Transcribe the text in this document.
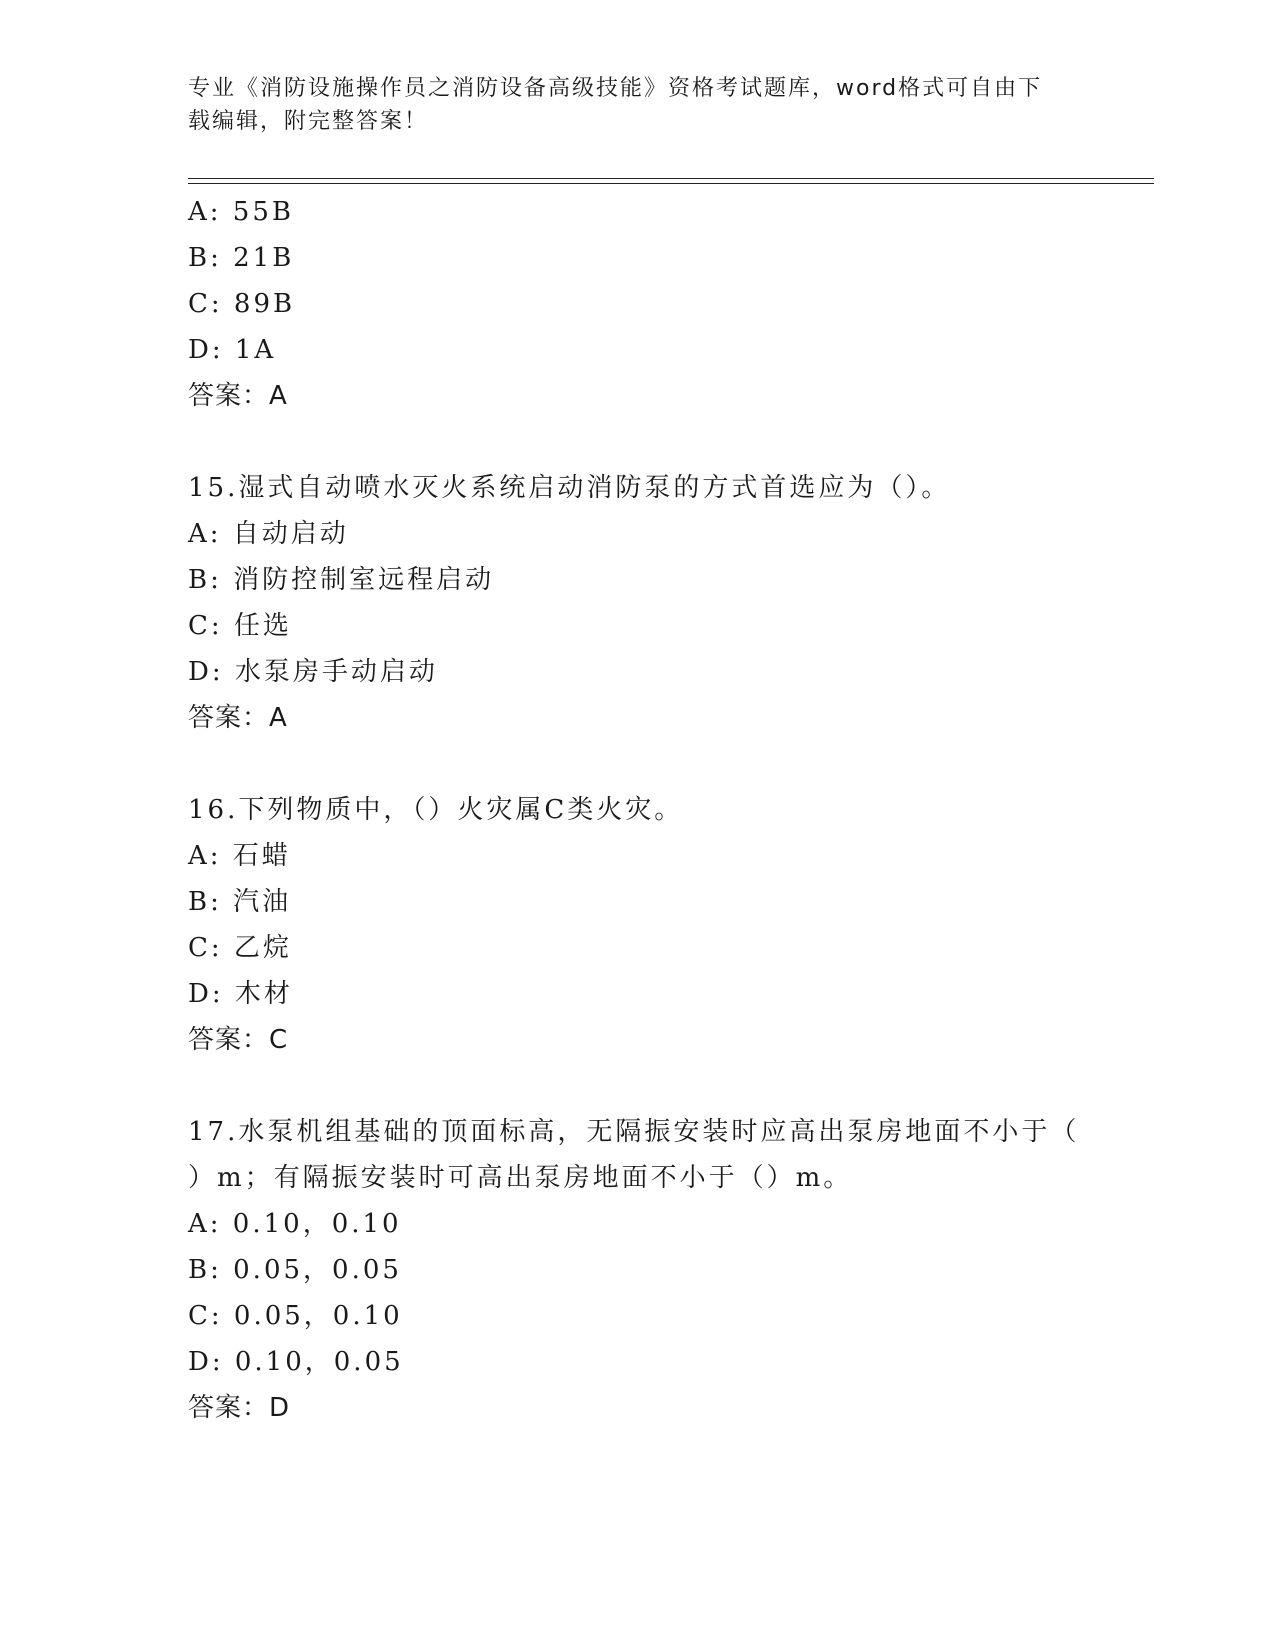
专业《消防设施操作员之消防设备高级技能》资格考试题库，word格式可自由下
载编辑，附完整答案！
A: 55B
B: 21B
C: 89B
D: 1A
答案：A
15.湿式自动喷水灭火系统启动消防泵的方式首选应为（）。
A: 自动启动
B: 消防控制室远程启动
C: 任选
D: 水泵房手动启动
答案：A
16.下列物质中，（）火灾属C类火灾。
A: 石蜡
B: 汽油
C: 乙烷
D: 木材
答案：C
17.水泵机组基础的顶面标高，无隔振安装时应高出泵房地面不小于（
）m；有隔振安装时可高出泵房地面不小于（）m。
A: 0.10，0.10
B: 0.05，0.05
C: 0.05，0.10
D: 0.10，0.05
答案：D
